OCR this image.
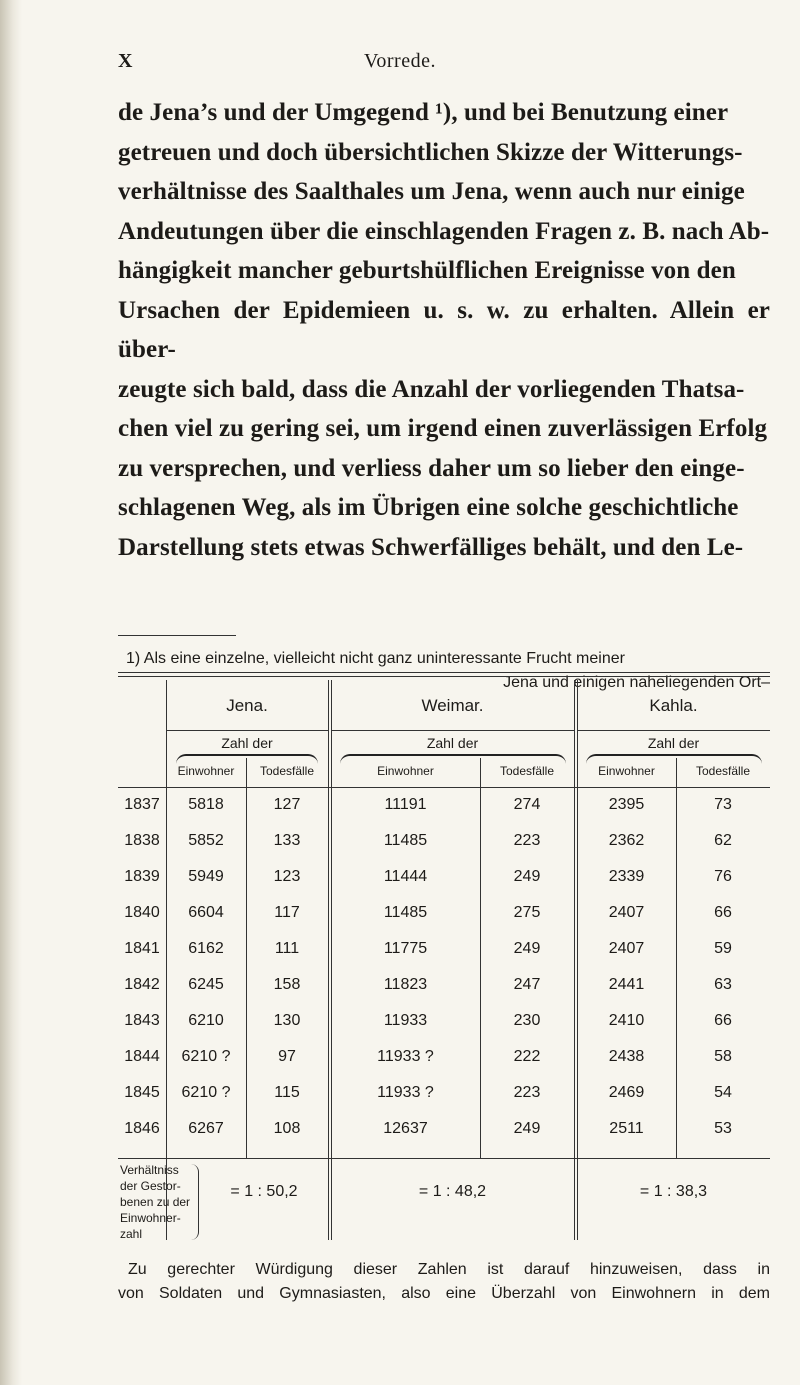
X	Vorrede.
de Jena’s und der Umgegend ¹), und bei Benutzung einer
getreuen und doch übersichtlichen Skizze der Witterungs-
verhältnisse des Saalthales um Jena, wenn auch nur einige
Andeutungen über die einschlagenden Fragen z. B. nach Ab-
hängigkeit mancher geburtshülflichen Ereignisse von den
Ursachen der Epidemieen u. s. w. zu erhalten. Allein er über-
zeugte sich bald, dass die Anzahl der vorliegenden Thatsa-
chen viel zu gering sei, um irgend einen zuverlässigen Erfolg
zu versprechen, und verliess daher um so lieber den einge-
schlagenen Weg, als im Übrigen eine solche geschichtliche
Darstellung stets etwas Schwerfälliges behält, und den Le-
1) Als eine einzelne, vielleicht nicht ganz uninteressante Frucht meiner
Jena und einigen naheliegenden Ort–
Jena.	Weimar.	Kahla.
Zahl der	Zahl der	Zahl der
Einwohner	Todesfälle	Einwohner	Todesfälle	Einwohner	Todesfälle
1837	5818	127	11191	274	2395	73
1838	5852	133	11485	223	2362	62
1839	5949	123	11444	249	2339	76
1840	6604	117	11485	275	2407	66
1841	6162	111	11775	249	2407	59
1842	6245	158	11823	247	2441	63
1843	6210	130	11933	230	2410	66
1844	6210 ?	97	11933 ?	222	2438	58
1845	6210 ?	115	11933 ?	223	2469	54
1846	6267	108	12637	249	2511	53
Verhältniss
der Gestor-
benen zu der
Einwohner-
zahl
= 1 : 50,2	= 1 : 48,2	= 1 : 38,3
Zu gerechter Würdigung dieser Zahlen ist darauf hinzuweisen, dass in
von Soldaten und Gymnasiasten, also eine Überzahl von Einwohnern in dem
